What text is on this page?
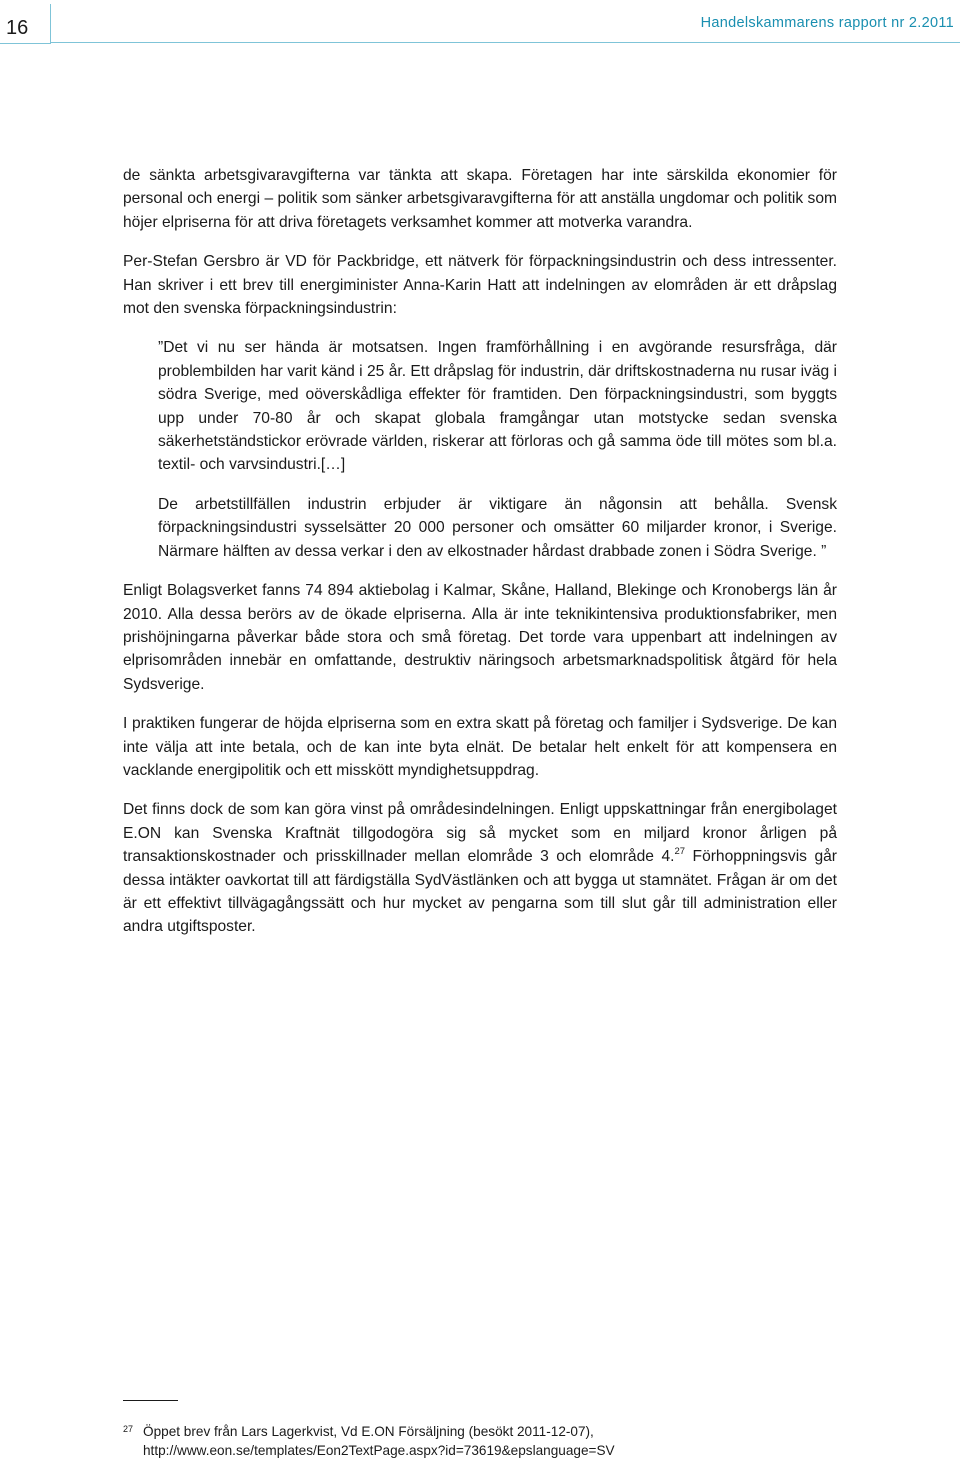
16	Handelskammarens rapport nr 2.2011

de sänkta arbetsgivaravgifterna var tänkta att skapa. Företagen har inte särskilda ekonomier för personal och energi – politik som sänker arbetsgivaravgifterna för att anställa ungdomar och politik som höjer elpriserna för att driva företagets verksamhet kommer att motverka varandra.

Per-Stefan Gersbro är VD för Packbridge, ett nätverk för förpackningsindustrin och dess intressenter. Han skriver i ett brev till energiminister Anna-Karin Hatt att indelningen av elområden är ett dråpslag mot den svenska förpackningsindustrin:

”Det vi nu ser hända är motsatsen. Ingen framförhållning i en avgörande resursfråga, där problembilden har varit känd i 25 år. Ett dråpslag för industrin, där driftskostnaderna nu rusar iväg i södra Sverige, med oöverskådliga effekter för framtiden. Den förpackningsindustri, som byggts upp under 70-80 år och skapat globala framgångar utan motstycke sedan svenska säkerhetständstickor erövrade världen, riskerar att förloras och gå samma öde till mötes som bl.a. textil- och varvsindustri.[…]

De arbetstillfällen industrin erbjuder är viktigare än någonsin att behålla. Svensk förpackningsindustri sysselsätter 20 000 personer och omsätter 60 miljarder kronor, i Sverige. Närmare hälften av dessa verkar i den av elkostnader hårdast drabbade zonen i Södra Sverige. ”

Enligt Bolagsverket fanns 74 894 aktiebolag i Kalmar, Skåne, Halland, Blekinge och Kronobergs län år 2010. Alla dessa berörs av de ökade elpriserna. Alla är inte teknikintensiva produktionsfabriker, men prishöjningarna påverkar både stora och små företag. Det torde vara uppenbart att indelningen av elprisområden innebär en omfattande, destruktiv näringsoch arbetsmarknadspolitisk åtgärd för hela Sydsverige.

I praktiken fungerar de höjda elpriserna som en extra skatt på företag och familjer i Sydsverige. De kan inte välja att inte betala, och de kan inte byta elnät. De betalar helt enkelt för att kompensera en vacklande energipolitik och ett misskött myndighetsuppdrag.

Det finns dock de som kan göra vinst på områdesindelningen. Enligt uppskattningar från energibolaget E.ON kan Svenska Kraftnät tillgodogöra sig så mycket som en miljard kronor årligen på transaktionskostnader och prisskillnader mellan elområde 3 och elområde 4.27 Förhoppningsvis går dessa intäkter oavkortat till att färdigställa SydVästlänken och att bygga ut stamnätet. Frågan är om det är ett effektivt tillvägagångssätt och hur mycket av pengarna som till slut går till administration eller andra utgiftsposter.

27 Öppet brev från Lars Lagerkvist, Vd E.ON Försäljning (besökt 2011-12-07), http://www.eon.se/templates/Eon2TextPage.aspx?id=73619&epslanguage=SV
